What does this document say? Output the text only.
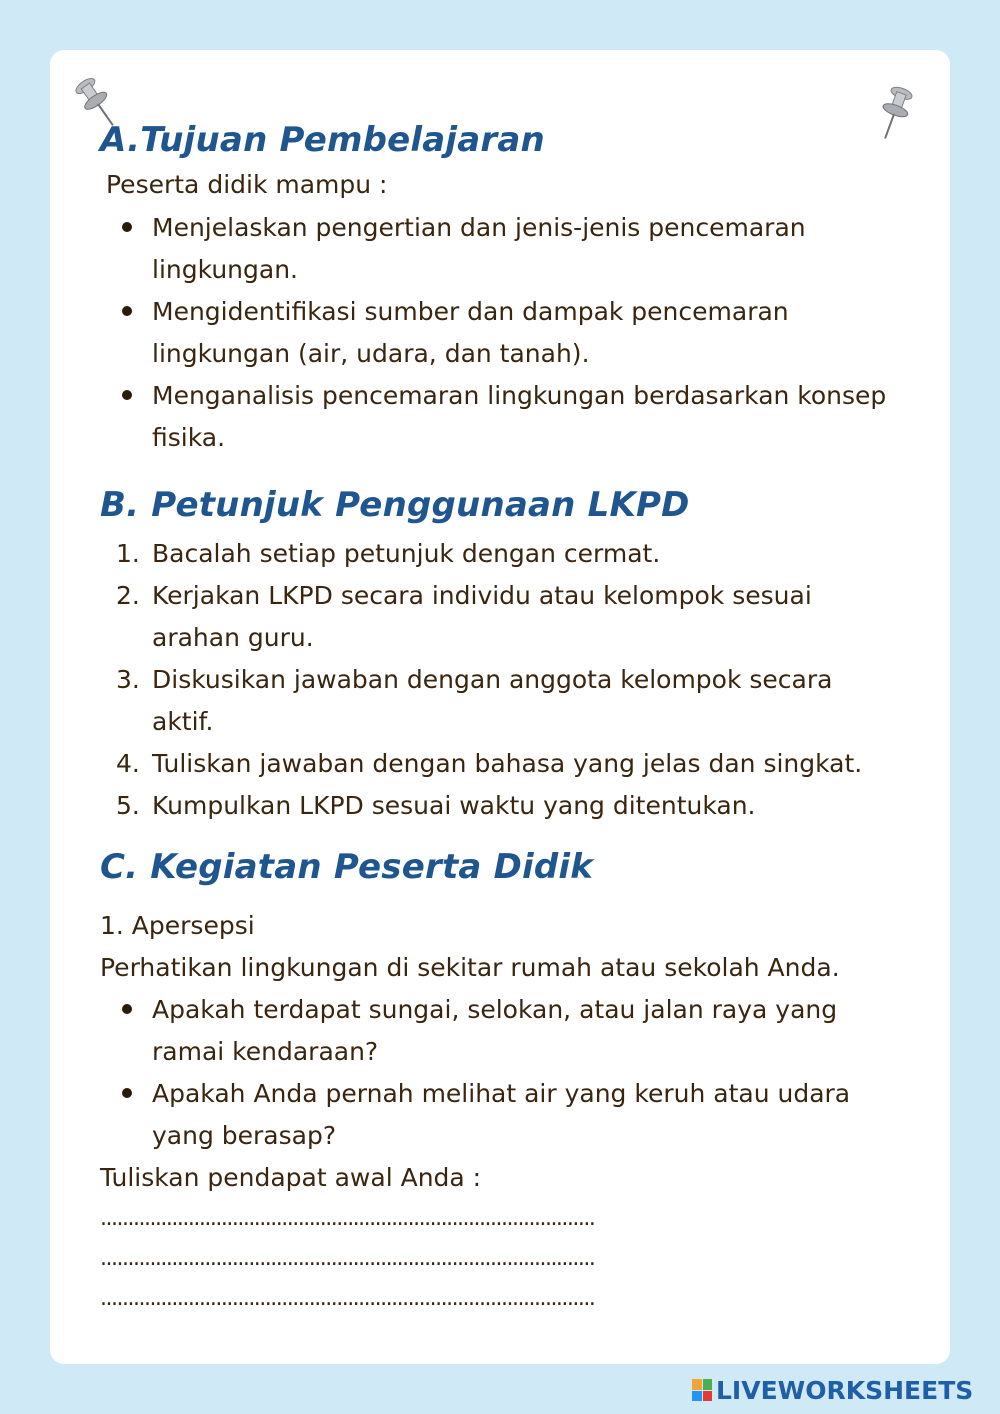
A.Tujuan Pembelajaran

Peserta didik mampu :

Menjelaskan pengertian dan jenis-jenis pencemaran lingkungan.
Mengidentifikasi sumber dan dampak pencemaran lingkungan (air, udara, dan tanah).
Menganalisis pencemaran lingkungan berdasarkan konsep fisika.
B. Petunjuk Penggunaan LKPD
1. Bacalah setiap petunjuk dengan cermat.
2. Kerjakan LKPD secara individu atau kelompok sesuai arahan guru.
3. Diskusikan jawaban dengan anggota kelompok secara aktif.
4. Tuliskan jawaban dengan bahasa yang jelas dan singkat.
5. Kumpulkan LKPD sesuai waktu yang ditentukan.
C. Kegiatan Peserta Didik

1. Apersepsi

Perhatikan lingkungan di sekitar rumah atau sekolah Anda.

Apakah terdapat sungai, selokan, atau jalan raya yang ramai kendaraan?
Apakah Anda pernah melihat air yang keruh atau udara yang berasap?

Tuliskan pendapat awal Anda :

..........................................................................................
..........................................................................................
..........................................................................................
LIVEWORKSHEETS
